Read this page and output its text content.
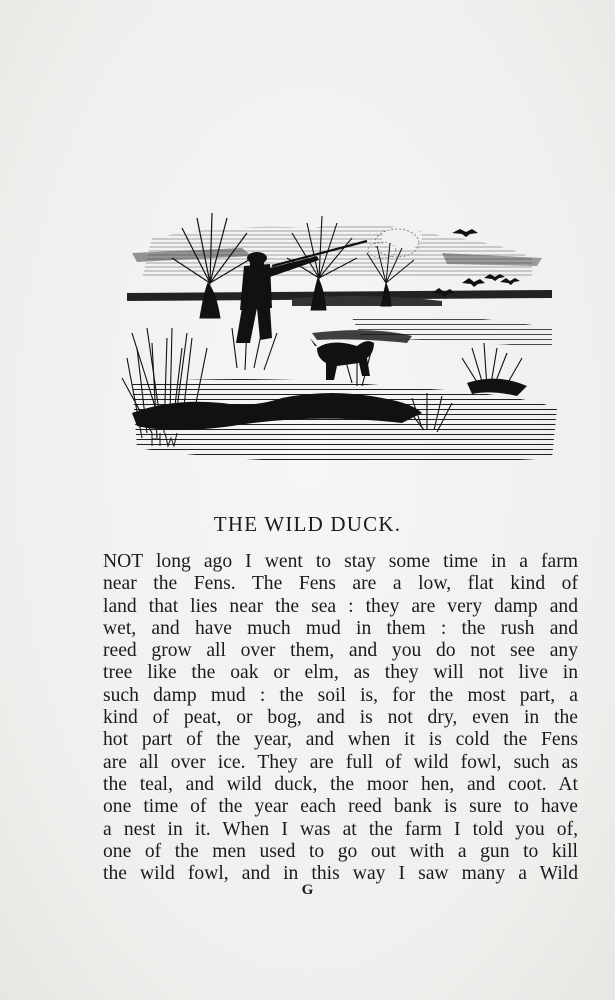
THE WILD DUCK.
NOT long ago I went to stay some time in a farm
near the Fens. The Fens are a low, flat kind of
land that lies near the sea : they are very damp and
wet, and have much mud in them : the rush and
reed grow all over them, and you do not see any
tree like the oak or elm, as they will not live in
such damp mud : the soil is, for the most part, a
kind of peat, or bog, and is not dry, even in the
hot part of the year, and when it is cold the Fens
are all over ice. They are full of wild fowl, such as
the teal, and wild duck, the moor hen, and coot. At
one time of the year each reed bank is sure to have
a nest in it. When I was at the farm I told you of,
one of the men used to go out with a gun to kill
the wild fowl, and in this way I saw many a Wild
G
